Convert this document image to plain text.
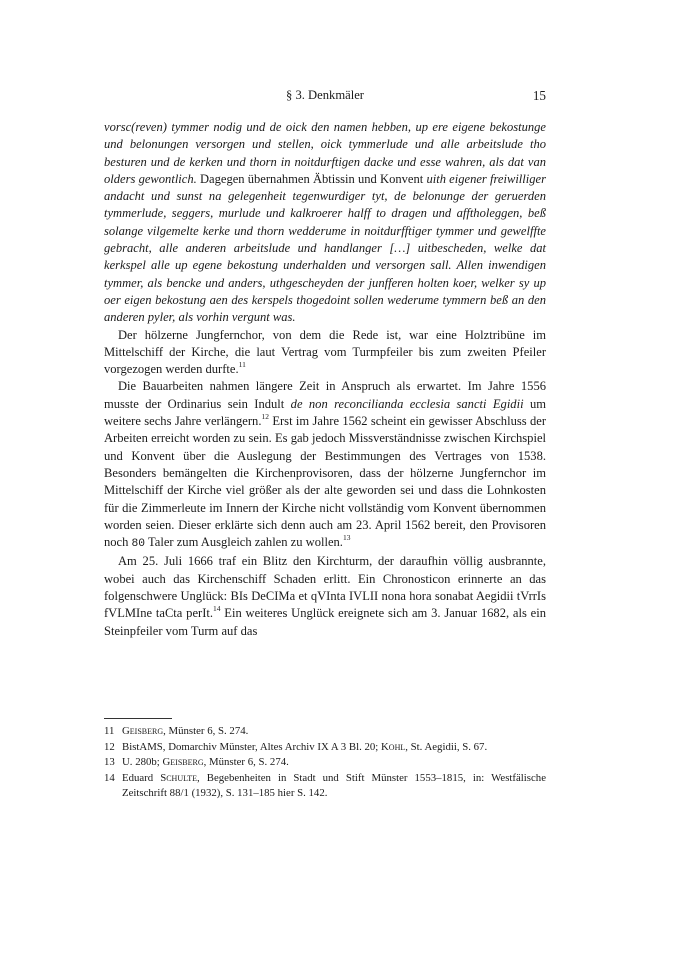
§ 3. Denkmäler	15

vorsc(reven) tymmer nodig und de oick den namen hebben, up ere eigene bekostunge und belonungen versorgen und stellen, oick tymmerlude und alle arbeitslude tho besturen und de kerken und thorn in noitdurftigen dacke und esse wahren, als dat van olders gewontlich. Dagegen übernahmen Äbtissin und Konvent uith eigener freiwilliger andacht und sunst na gelegenheit tegenwurdiger tyt, de belonunge der geruerden tymmerlude, seggers, murlude und kalkroerer halff to dragen und afftholeggen, beß solange vilgemelte kerke und thorn wedderume in noitdurfftiger tymmer und gewelffte gebracht, alle anderen arbeitslude und handlanger […] uitbescheden, welke dat kerkspel alle up egene bekostung underhalden und versorgen sall. Allen inwendigen tymmer, als bencke und anders, uthgescheyden der junfferen holten koer, welker sy up oer eigen bekostung aen des kerspels thogedoint sollen wederume tymmern beß an den anderen pyler, als vorhin vergunt was.

Der hölzerne Jungfernchor, von dem die Rede ist, war eine Holztribüne im Mittelschiff der Kirche, die laut Vertrag vom Turmpfeiler bis zum zweiten Pfeiler vorgezogen werden durfte.$^{11}$

Die Bauarbeiten nahmen längere Zeit in Anspruch als erwartet. Im Jahre 1556 musste der Ordinarius sein Indult de non reconcilianda ecclesia sancti Egidii um weitere sechs Jahre verlängern.$^{12}$ Erst im Jahre 1562 scheint ein gewisser Abschluss der Arbeiten erreicht worden zu sein. Es gab jedoch Missverständnisse zwischen Kirchspiel und Konvent über die Auslegung der Bestimmungen des Vertrages von 1538. Besonders bemängelten die Kirchenprovisoren, dass der hölzerne Jungfernchor im Mittelschiff der Kirche viel größer als der alte geworden sei und dass die Lohnkosten für die Zimmerleute im Innern der Kirche nicht vollständig vom Konvent übernommen worden seien. Dieser erklärte sich denn auch am 23. April 1562 bereit, den Provisoren noch 80 Taler zum Ausgleich zahlen zu wollen.$^{13}$

Am 25. Juli 1666 traf ein Blitz den Kirchturm, der daraufhin völlig ausbrannte, wobei auch das Kirchenschiff Schaden erlitt. Ein Chronosticon erinnerte an das folgenschwere Unglück: BIs DeCIMa et qVInta IVLII nona hora sonabat Aegidii tVrrIs fVLMIne taCta perIt.$^{14}$ Ein weiteres Unglück ereignete sich am 3. Januar 1682, als ein Steinpfeiler vom Turm auf das

11 Geisberg, Münster 6, S. 274.
12 BistAMS, Domarchiv Münster, Altes Archiv IX A 3 Bl. 20; Kohl, St. Aegidii, S. 67.
13 U. 280b; Geisberg, Münster 6, S. 274.
14 Eduard Schulte, Begebenheiten in Stadt und Stift Münster 1553–1815, in: Westfälische Zeitschrift 88/1 (1932), S. 131–185 hier S. 142.
